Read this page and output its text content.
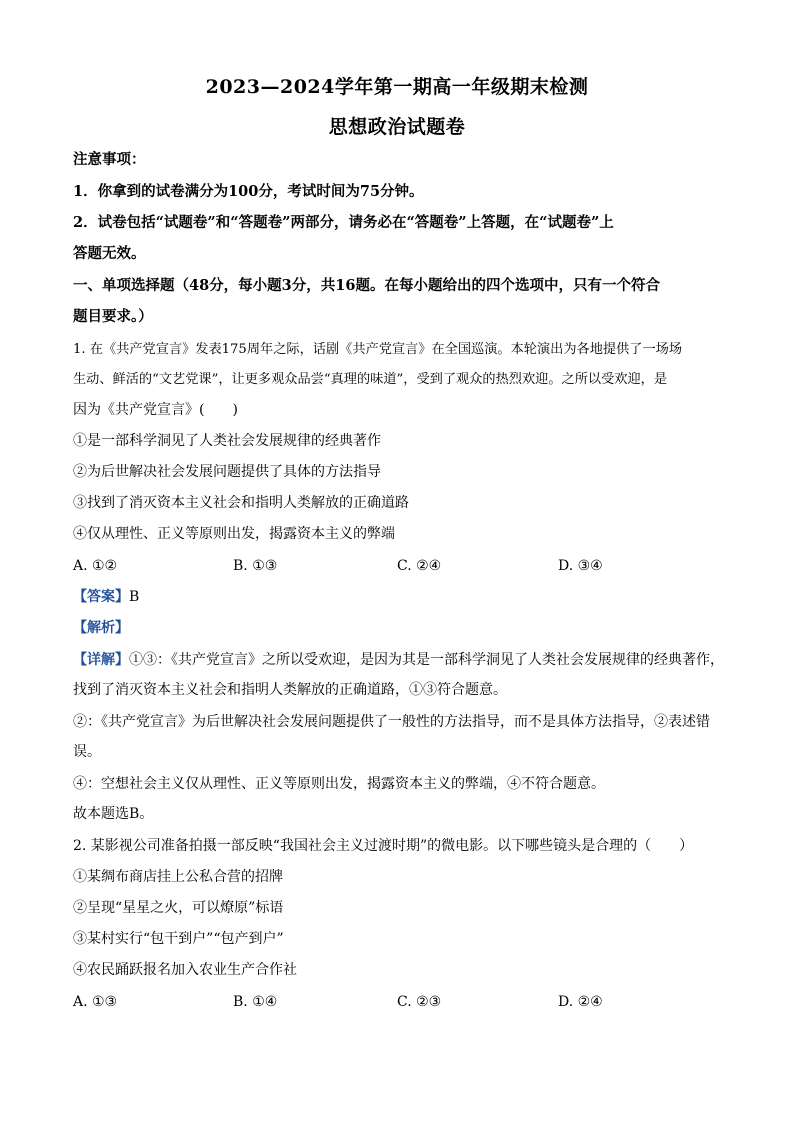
2023—2024学年第一期高一年级期末检测
思想政治试题卷
注意事项：
1．你拿到的试卷满分为100分，考试时间为75分钟。
2．试卷包括“试题卷”和“答题卷”两部分，请务必在“答题卷”上答题，在“试题卷”上
答题无效。
一、单项选择题（48分，每小题3分，共16题。在每小题给出的四个选项中，只有一个符合
题目要求。）
1. 在《共产党宣言》发表175周年之际，话剧《共产党宣言》在全国巡演。本轮演出为各地提供了一场场
生动、鲜活的“文艺党课”，让更多观众品尝“真理的味道”，受到了观众的热烈欢迎。之所以受欢迎，是
因为《共产党宣言》(　　)
①是一部科学洞见了人类社会发展规律的经典著作
②为后世解决社会发展问题提供了具体的方法指导
③找到了消灭资本主义社会和指明人类解放的正确道路
④仅从理性、正义等原则出发，揭露资本主义的弊端
A. ①②	B. ①③	C. ②④	D. ③④
【答案】B
【解析】
【详解】①③：《共产党宣言》之所以受欢迎，是因为其是一部科学洞见了人类社会发展规律的经典著作，
找到了消灭资本主义社会和指明人类解放的正确道路，①③符合题意。
②：《共产党宣言》为后世解决社会发展问题提供了一般性的方法指导，而不是具体方法指导，②表述错
误。
④：空想社会主义仅从理性、正义等原则出发，揭露资本主义的弊端，④不符合题意。
故本题选B。
2. 某影视公司准备拍摄一部反映“我国社会主义过渡时期”的微电影。以下哪些镜头是合理的（　　）
①某绸布商店挂上公私合营的招牌
②呈现“星星之火，可以燎原”标语
③某村实行“包干到户”“包产到户”
④农民踊跃报名加入农业生产合作社
A. ①③	B. ①④	C. ②③	D. ②④
